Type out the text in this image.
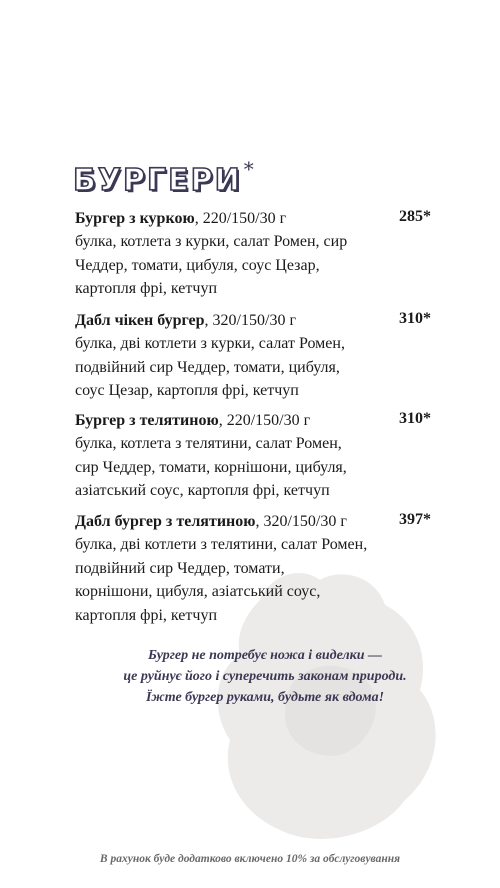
БУРГЕРИ *
Бургер з куркою, 220/150/30 г	285*
булка, котлета з курки, салат Ромен, сир
Чеддер, томати, цибуля, соус Цезар,
картопля фрі, кетчуп
Дабл чікен бургер, 320/150/30 г	310*
булка, дві котлети з курки, салат Ромен,
подвійний сир Чеддер, томати, цибуля,
соус Цезар, картопля фрі, кетчуп
Бургер з телятиною, 220/150/30 г	310*
булка, котлета з телятини, салат Ромен,
сир Чеддер, томати, корнішони, цибуля,
азіатський соус, картопля фрі, кетчуп
Дабл бургер з телятиною, 320/150/30 г	397*
булка, дві котлети з телятини, салат Ромен,
подвійний сир Чеддер, томати,
корнішони, цибуля, азіатський соус,
картопля фрі, кетчуп
Бургер не потребує ножа і виделки —
це руйнує його і суперечить законам природи.
Їжте бургер руками, будьте як вдома!
В рахунок буде додатково включено 10% за обслуговування
